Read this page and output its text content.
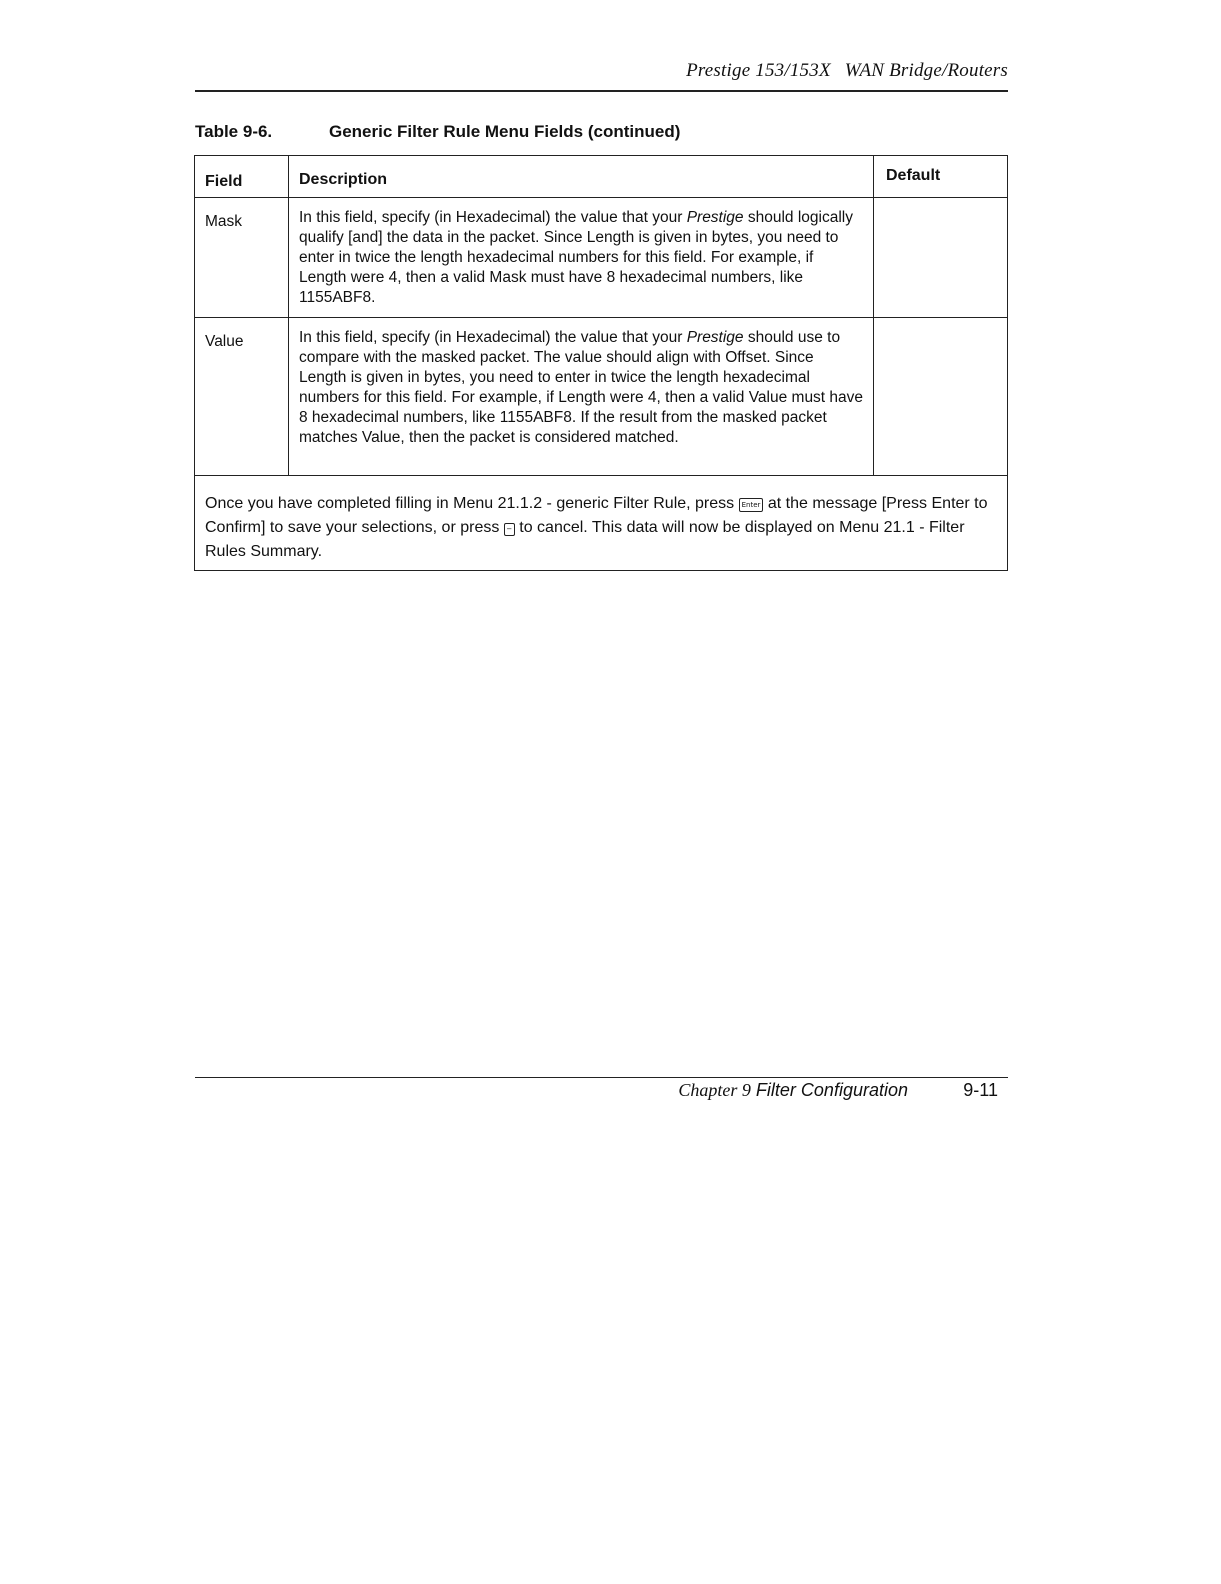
Prestige 153/153X WAN Bridge/Routers
Table 9-6.	Generic Filter Rule Menu Fields (continued)
Field	Description	Default
Mask	In this field, specify (in Hexadecimal) the value that your Prestige should logically qualify [and] the data in the packet. Since Length is given in bytes, you need to enter in twice the length hexadecimal numbers for this field. For example, if Length were 4, then a valid Mask must have 8 hexadecimal numbers, like 1155ABF8.	
Value	In this field, specify (in Hexadecimal) the value that your Prestige should use to compare with the masked packet. The value should align with Offset. Since Length is given in bytes, you need to enter in twice the length hexadecimal numbers for this field. For example, if Length were 4, then a valid Value must have 8 hexadecimal numbers, like 1155ABF8. If the result from the masked packet matches Value, then the packet is considered matched.	
Once you have completed filling in Menu 21.1.2 - generic Filter Rule, press Enter at the message [Press Enter to Confirm] to save your selections, or press − to cancel. This data will now be displayed on Menu 21.1 - Filter Rules Summary.		
Chapter 9 Filter Configuration	9-11
